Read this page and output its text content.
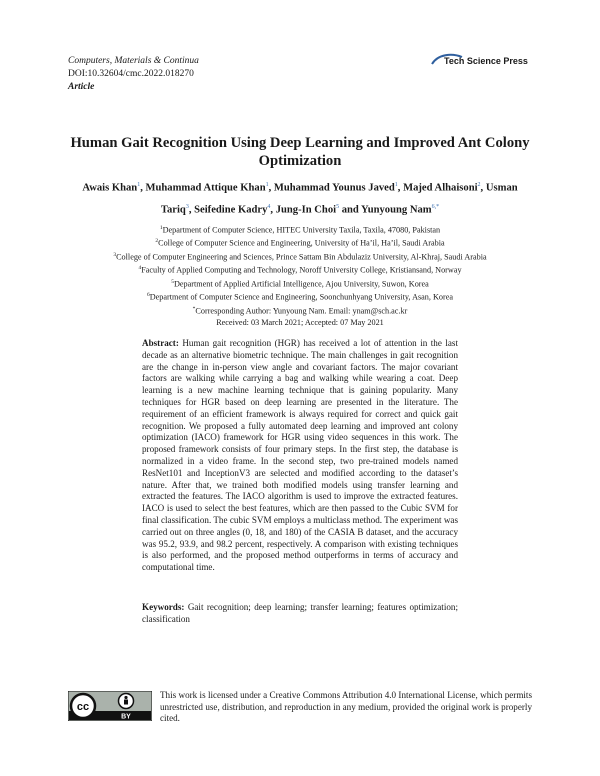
Computers, Materials & Continua
DOI:10.32604/cmc.2022.018270
Article
Tech Science Press
Human Gait Recognition Using Deep Learning and Improved Ant Colony Optimization
Awais Khan$^1$, Muhammad Attique Khan$^1$, Muhammad Younus Javed$^1$, Majed Alhaisoni$^2$, Usman Tariq$^3$, Seifedine Kadry$^4$, Jung-In Choi$^5$ and Yunyoung Nam$^{6,*}$
$^1$Department of Computer Science, HITEC University Taxila, Taxila, 47080, Pakistan
$^2$College of Computer Science and Engineering, University of Ha’il, Ha’il, Saudi Arabia
$^3$College of Computer Engineering and Sciences, Prince Sattam Bin Abdulaziz University, Al-Khraj, Saudi Arabia
$^4$Faculty of Applied Computing and Technology, Noroff University College, Kristiansand, Norway
$^5$Department of Applied Artificial Intelligence, Ajou University, Suwon, Korea
$^6$Department of Computer Science and Engineering, Soonchunhyang University, Asan, Korea
*Corresponding Author: Yunyoung Nam. Email: ynam@sch.ac.kr
Received: 03 March 2021; Accepted: 07 May 2021
Abstract: Human gait recognition (HGR) has received a lot of attention in the last decade as an alternative biometric technique. The main challenges in gait recognition are the change in in-person view angle and covariant factors. The major covariant factors are walking while carrying a bag and walking while wearing a coat. Deep learning is a new machine learning technique that is gaining popularity. Many techniques for HGR based on deep learning are presented in the literature. The requirement of an efficient framework is always required for correct and quick gait recognition. We proposed a fully automated deep learning and improved ant colony optimization (IACO) framework for HGR using video sequences in this work. The proposed framework consists of four primary steps. In the first step, the database is normalized in a video frame. In the second step, two pre-trained models named ResNet101 and InceptionV3 are selected and modified according to the dataset’s nature. After that, we trained both modified models using transfer learning and extracted the features. The IACO algorithm is used to improve the extracted features. IACO is used to select the best features, which are then passed to the Cubic SVM for final classification. The cubic SVM employs a multiclass method. The experiment was carried out on three angles (0, 18, and 180) of the CASIA B dataset, and the accuracy was 95.2, 93.9, and 98.2 percent, respectively. A comparison with existing techniques is also performed, and the proposed method outperforms in terms of accuracy and computational time.
Keywords: Gait recognition; deep learning; transfer learning; features optimization; classification
cc
BY
This work is licensed under a Creative Commons Attribution 4.0 International License, which permits unrestricted use, distribution, and reproduction in any medium, provided the original work is properly cited.
